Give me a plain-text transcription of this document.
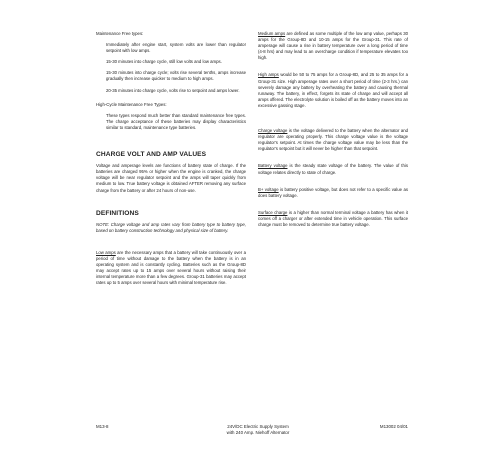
Maintenance Free types:

Immediately after engine start, system volts are lower than regulator setpoint with low amps.

15-30 minutes into charge cycle, still low volts and low amps.

15-30 minutes into charge cycle; volts rise several tenths, amps increase gradually then increase quicker to medium to high amps.

20-35 minutes into charge cycle, volts rise to setpoint and amps lower.

High-Cycle Maintenance Free Types:

These types respond much better than standard maintenance free types. The charge acceptance of these batteries may display characteristics similar to standard, maintenance type batteries.

CHARGE VOLT AND AMP VALUES

Voltage and amperage levels are functions of battery state of charge. If the batteries are charged 95% or higher when the engine is cranked, the charge voltage will be near regulator setpoint and the amps will taper quickly from medium to low. True battery voltage is obtained AFTER removing any surface charge from the battery or after 24 hours of non-use.

DEFINITIONS

NOTE: Charge voltage and amp rates vary from battery type to battery type, based on battery construction technology and physical size of battery.

Low amps are the necessary amps that a battery will take continuously over a period of time without damage to the battery when the battery is in an operating system and is constantly cycling. Batteries such as the Group-8D may accept rates up to 15 amps over several hours without raising their internal temperature more than a few degrees. Group-31 batteries may accept rates up to 5 amps over several hours with minimal temperature rise.

Medium amps are defined as some multiple of the low amp value, perhaps 30 amps for the Group-8D and 10-15 amps for the Group-31. This rate of amperage will cause a rise in battery temperature over a long period of time (4-8 hrs) and may lead to an overcharge condition if temperature elevates too high.

High amps would be 50 to 75 amps for a Group-8D, and 25 to 35 amps for a Group-31 size. High amperage rates over a short period of time (2-3 hrs.) can severely damage any battery by overheating the battery and causing thermal runaway. The battery, in effect, forgets its state of charge and will accept all amps offered. The electrolyte solution is boiled off as the battery moves into an excessive gassing stage.

Charge voltage is the voltage delivered to the battery when the alternator and regulator are operating properly. This charge voltage value is the voltage regulator's setpoint. At times the charge voltage value may be less than the regulator's setpoint but it will never be higher than that setpoint.

Battery voltage is the steady state voltage of the battery. The value of this voltage relates directly to state of charge.

B+ voltage is battery positive voltage, but does not refer to a specific value as does battery voltage.

Surface charge is a higher than normal terminal voltage a battery has when it comes off a charger or after extended time in vehicle operation. This surface charge must be removed to determine true battery voltage.

M13-8	24V/DC Electric Supply System
with 240 Amp. Niehoff Alternator
M13002 04/01
